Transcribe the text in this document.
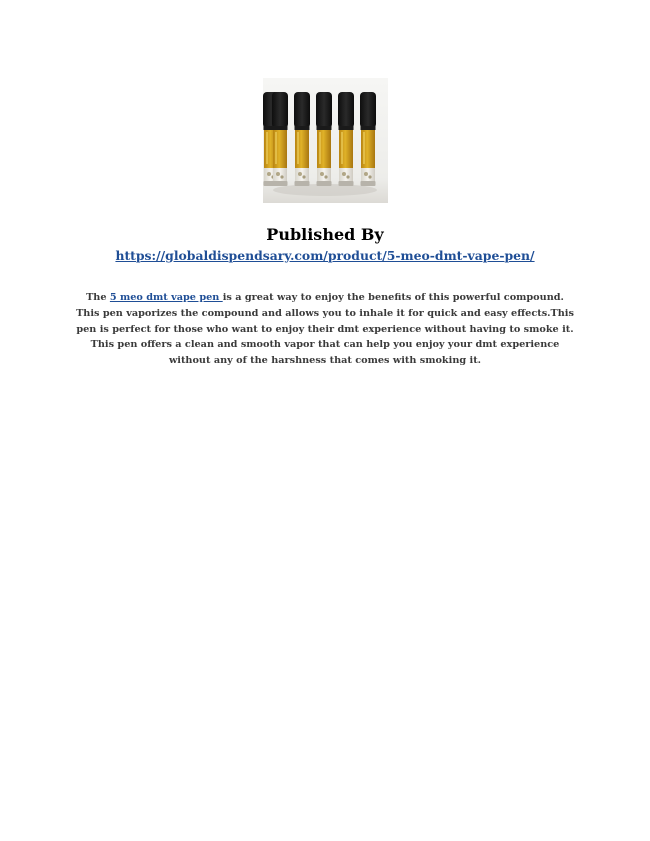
Published By
https://globaldispendsary.com/product/5-meo-dmt-vape-pen/

The 5 meo dmt vape pen is a great way to enjoy the benefits of this powerful compound. This pen vaporizes the compound and allows you to inhale it for quick and easy effects.This pen is perfect for those who want to enjoy their dmt experience without having to smoke it. This pen offers a clean and smooth vapor that can help you enjoy your dmt experience without any of the harshness that comes with smoking it.
